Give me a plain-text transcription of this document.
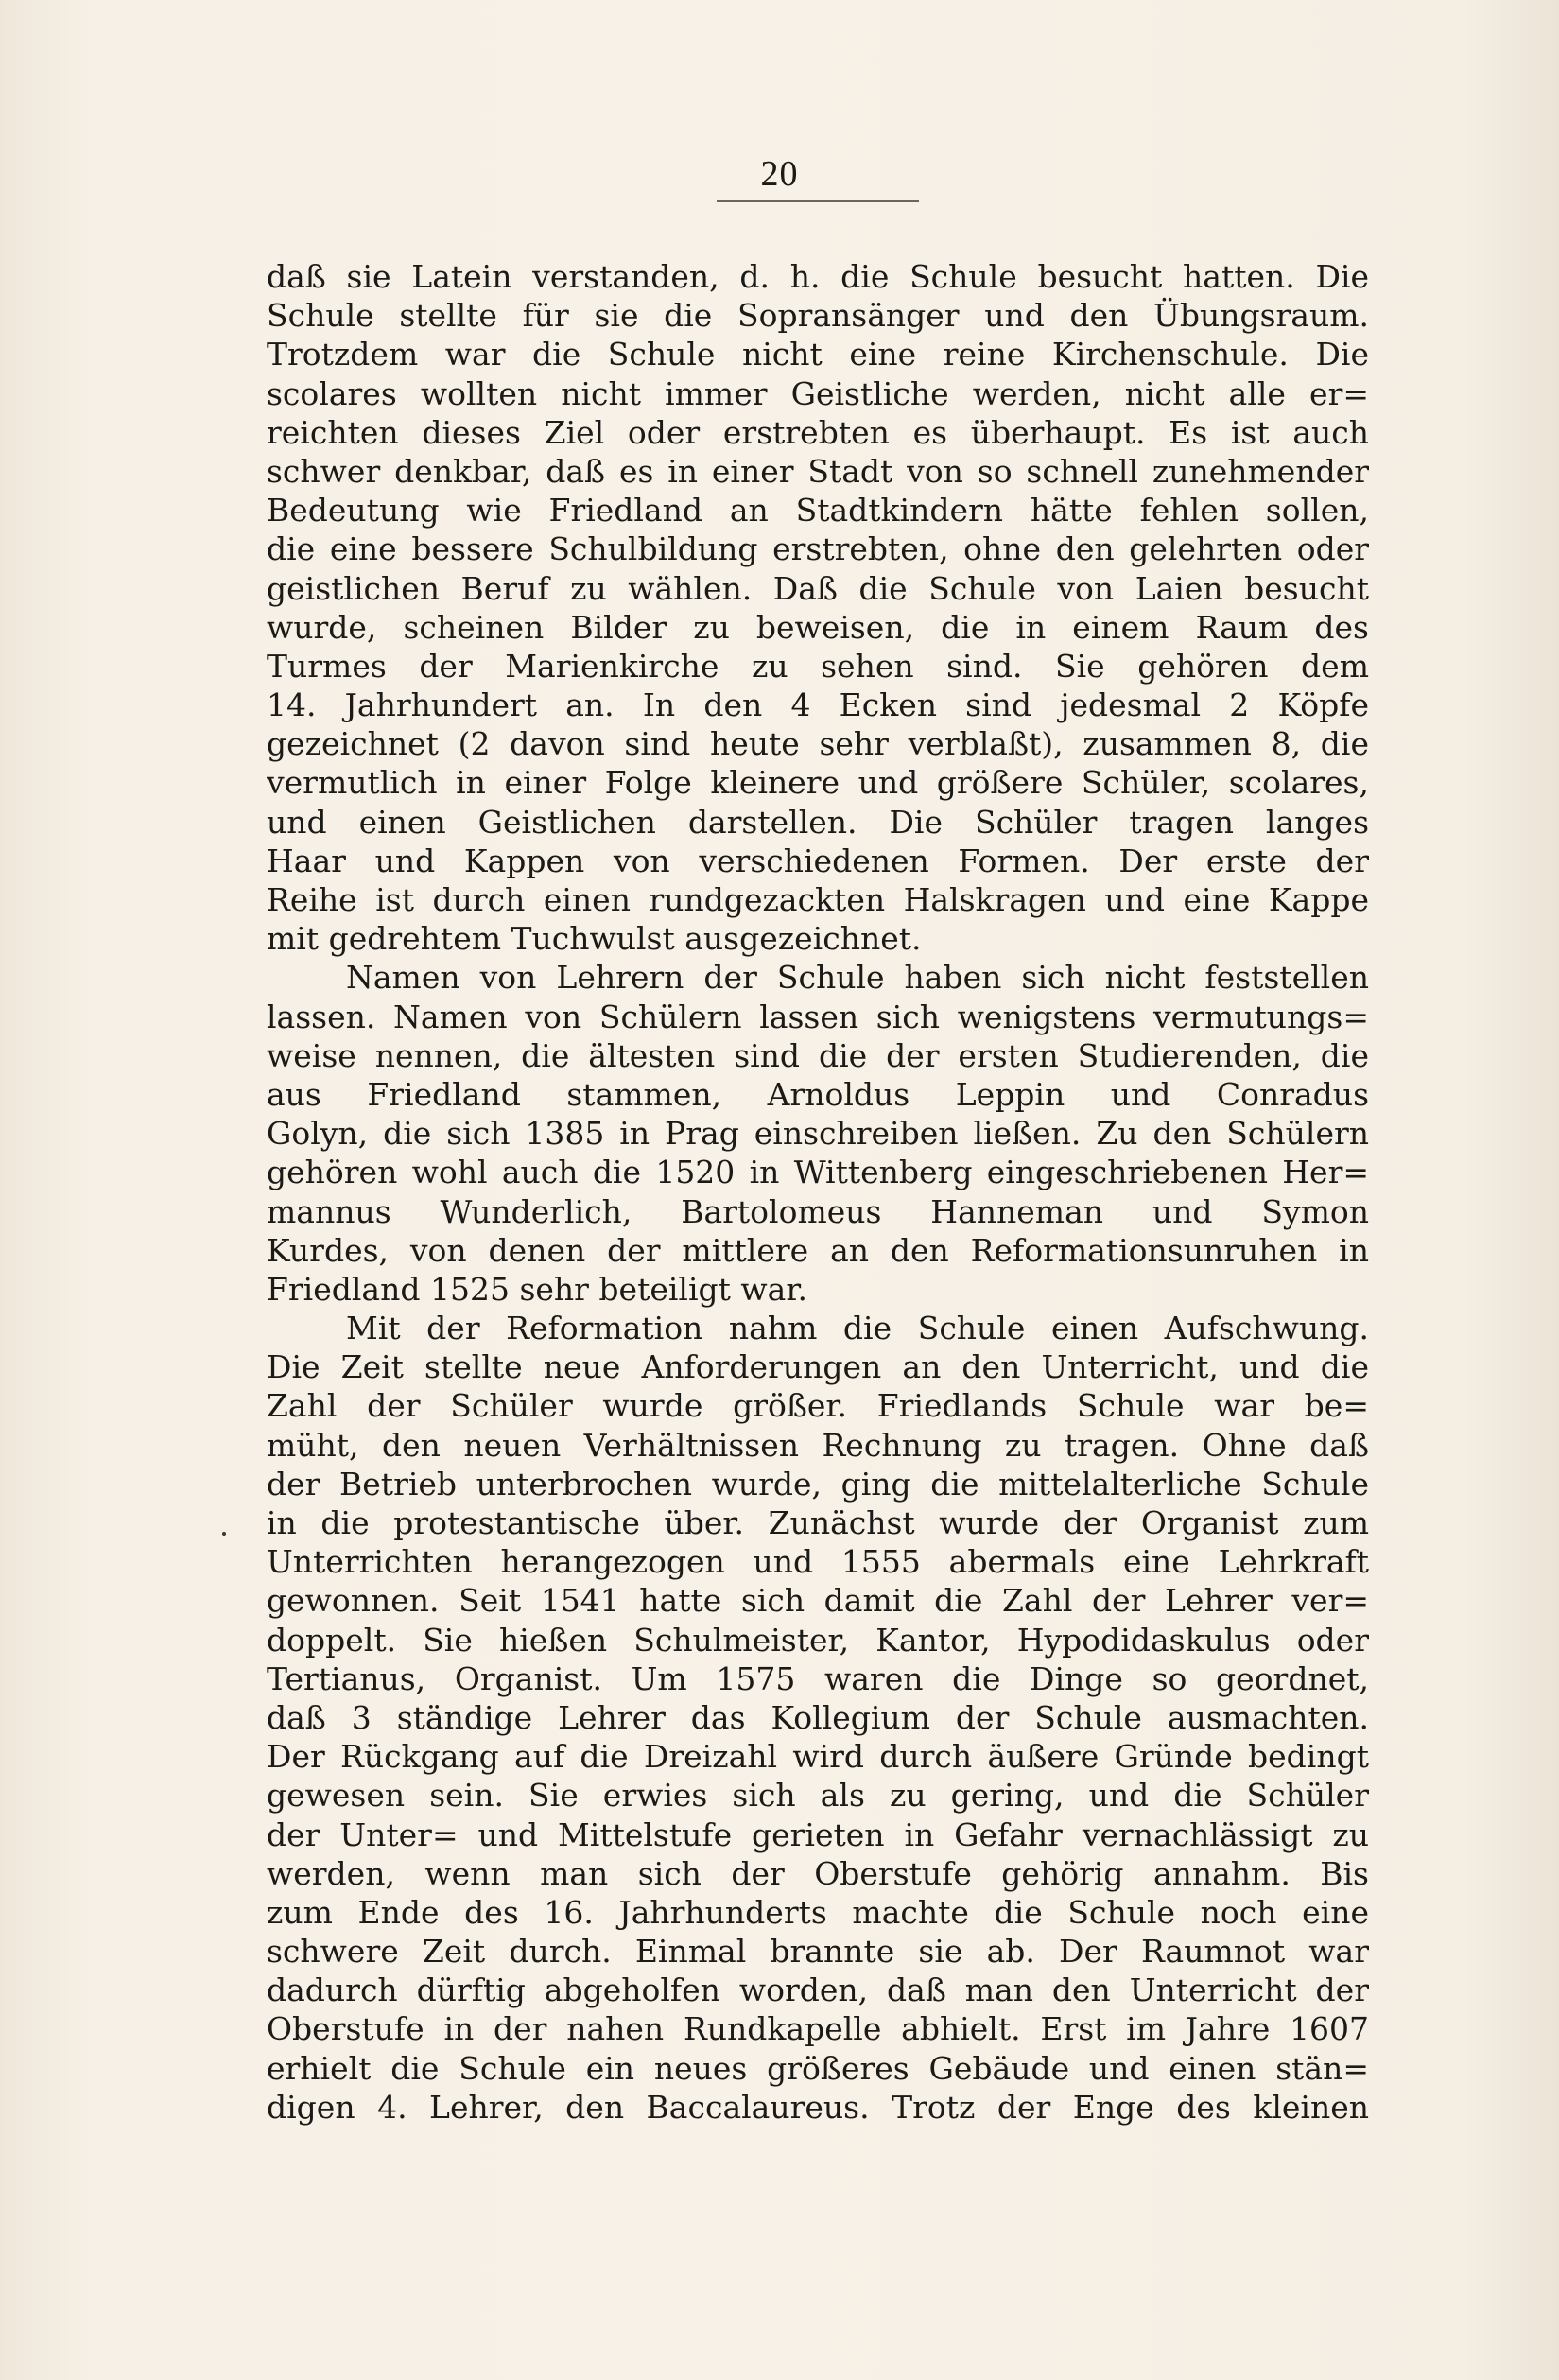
20
daß sie Latein verstanden, d. h. die Schule besucht hatten. Die
Schule stellte für sie die Sopransänger und den Übungsraum.
Trotzdem war die Schule nicht eine reine Kirchenschule. Die
scolares wollten nicht immer Geistliche werden, nicht alle er=
reichten dieses Ziel oder erstrebten es überhaupt. Es ist auch
schwer denkbar, daß es in einer Stadt von so schnell zunehmender
Bedeutung wie Friedland an Stadtkindern hätte fehlen sollen,
die eine bessere Schulbildung erstrebten, ohne den gelehrten oder
geistlichen Beruf zu wählen. Daß die Schule von Laien besucht
wurde, scheinen Bilder zu beweisen, die in einem Raum des
Turmes der Marienkirche zu sehen sind. Sie gehören dem
14. Jahrhundert an. In den 4 Ecken sind jedesmal 2 Köpfe
gezeichnet (2 davon sind heute sehr verblaßt), zusammen 8, die
vermutlich in einer Folge kleinere und größere Schüler, scolares,
und einen Geistlichen darstellen. Die Schüler tragen langes
Haar und Kappen von verschiedenen Formen. Der erste der
Reihe ist durch einen rundgezackten Halskragen und eine Kappe
mit gedrehtem Tuchwulst ausgezeichnet.
Namen von Lehrern der Schule haben sich nicht feststellen
lassen. Namen von Schülern lassen sich wenigstens vermutungs=
weise nennen, die ältesten sind die der ersten Studierenden, die
aus Friedland stammen, Arnoldus Leppin und Conradus
Golyn, die sich 1385 in Prag einschreiben ließen. Zu den Schülern
gehören wohl auch die 1520 in Wittenberg eingeschriebenen Her=
mannus Wunderlich, Bartolomeus Hanneman und Symon
Kurdes, von denen der mittlere an den Reformationsunruhen in
Friedland 1525 sehr beteiligt war.
Mit der Reformation nahm die Schule einen Aufschwung.
Die Zeit stellte neue Anforderungen an den Unterricht, und die
Zahl der Schüler wurde größer. Friedlands Schule war be=
müht, den neuen Verhältnissen Rechnung zu tragen. Ohne daß
der Betrieb unterbrochen wurde, ging die mittelalterliche Schule
in die protestantische über. Zunächst wurde der Organist zum
Unterrichten herangezogen und 1555 abermals eine Lehrkraft
gewonnen. Seit 1541 hatte sich damit die Zahl der Lehrer ver=
doppelt. Sie hießen Schulmeister, Kantor, Hypodidaskulus oder
Tertianus, Organist. Um 1575 waren die Dinge so geordnet,
daß 3 ständige Lehrer das Kollegium der Schule ausmachten.
Der Rückgang auf die Dreizahl wird durch äußere Gründe bedingt
gewesen sein. Sie erwies sich als zu gering, und die Schüler
der Unter= und Mittelstufe gerieten in Gefahr vernachlässigt zu
werden, wenn man sich der Oberstufe gehörig annahm. Bis
zum Ende des 16. Jahrhunderts machte die Schule noch eine
schwere Zeit durch. Einmal brannte sie ab. Der Raumnot war
dadurch dürftig abgeholfen worden, daß man den Unterricht der
Oberstufe in der nahen Rundkapelle abhielt. Erst im Jahre 1607
erhielt die Schule ein neues größeres Gebäude und einen stän=
digen 4. Lehrer, den Baccalaureus. Trotz der Enge des kleinen
